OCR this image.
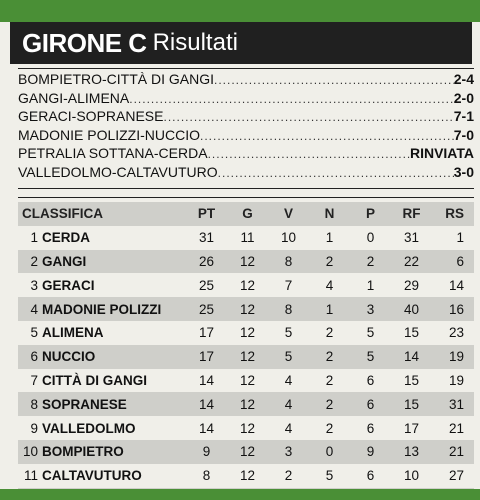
GIRONE C Risultati
BOMPIETRO-CITTÀ DI GANGI .....	2-4
GANGI-ALIMENA .....	2-0
GERACI-SOPRANESE .....	7-1
MADONIE POLIZZI-NUCCIO .....	7-0
PETRALIA SOTTANA-CERDA .....	RINVIATA
VALLEDOLMO-CALTAVUTURO .....	3-0
CLASSIFICA	PT	G	V	N	P	RF	RS
1 CERDA	31	11	10	1	0	31	1
2 GANGI	26	12	8	2	2	22	6
3 GERACI	25	12	7	4	1	29	14
4 MADONIE POLIZZI	25	12	8	1	3	40	16
5 ALIMENA	17	12	5	2	5	15	23
6 NUCCIO	17	12	5	2	5	14	19
7 CITTÀ DI GANGI	14	12	4	2	6	15	19
8 SOPRANESE	14	12	4	2	6	15	31
9 VALLEDOLMO	14	12	4	2	6	17	21
10 BOMPIETRO	9	12	3	0	9	13	21
11 CALTAVUTURO	8	12	2	5	6	10	27
